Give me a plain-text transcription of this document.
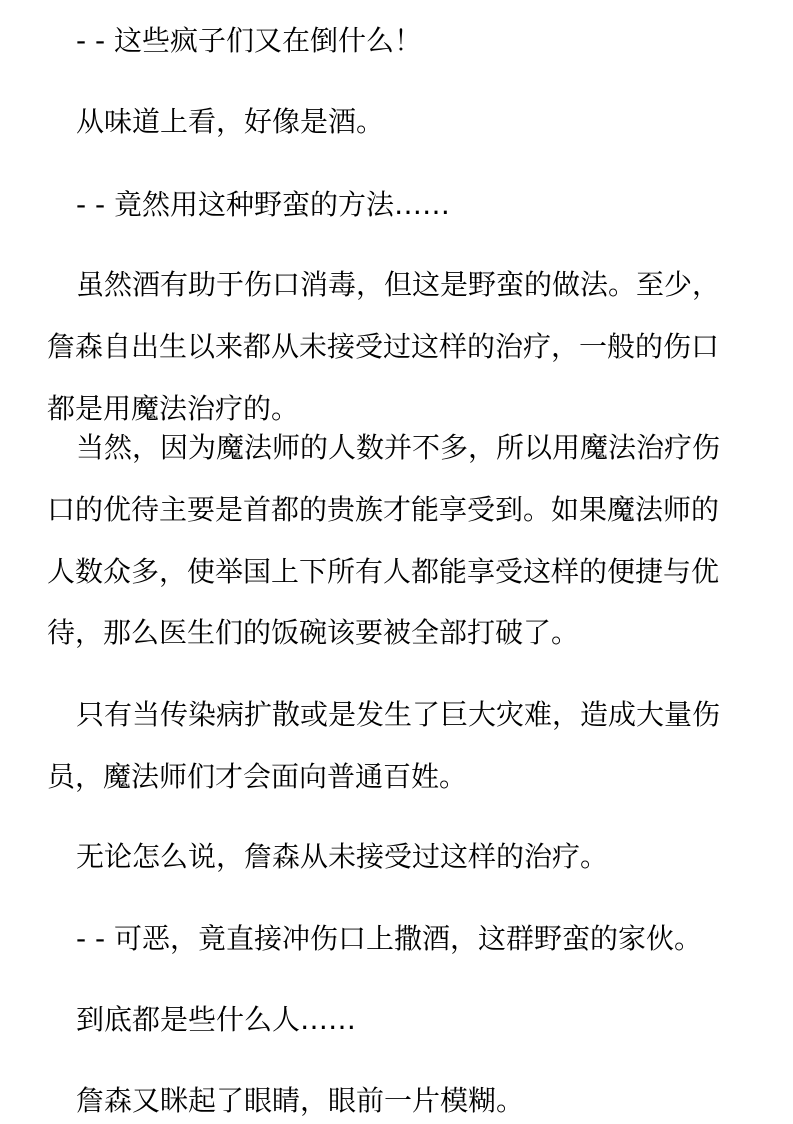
- - 这些疯子们又在倒什么！
从味道上看，好像是酒。
- - 竟然用这种野蛮的方法……
虽然酒有助于伤口消毒，但这是野蛮的做法。至少，
詹森自出生以来都从未接受过这样的治疗，一般的伤口
都是用魔法治疗的。
当然，因为魔法师的人数并不多，所以用魔法治疗伤
口的优待主要是首都的贵族才能享受到。如果魔法师的
人数众多，使举国上下所有人都能享受这样的便捷与优
待，那么医生们的饭碗该要被全部打破了。
只有当传染病扩散或是发生了巨大灾难，造成大量伤
员，魔法师们才会面向普通百姓。
无论怎么说，詹森从未接受过这样的治疗。
- - 可恶，竟直接冲伤口上撒酒，这群野蛮的家伙。
到底都是些什么人……
詹森又眯起了眼睛，眼前一片模糊。
